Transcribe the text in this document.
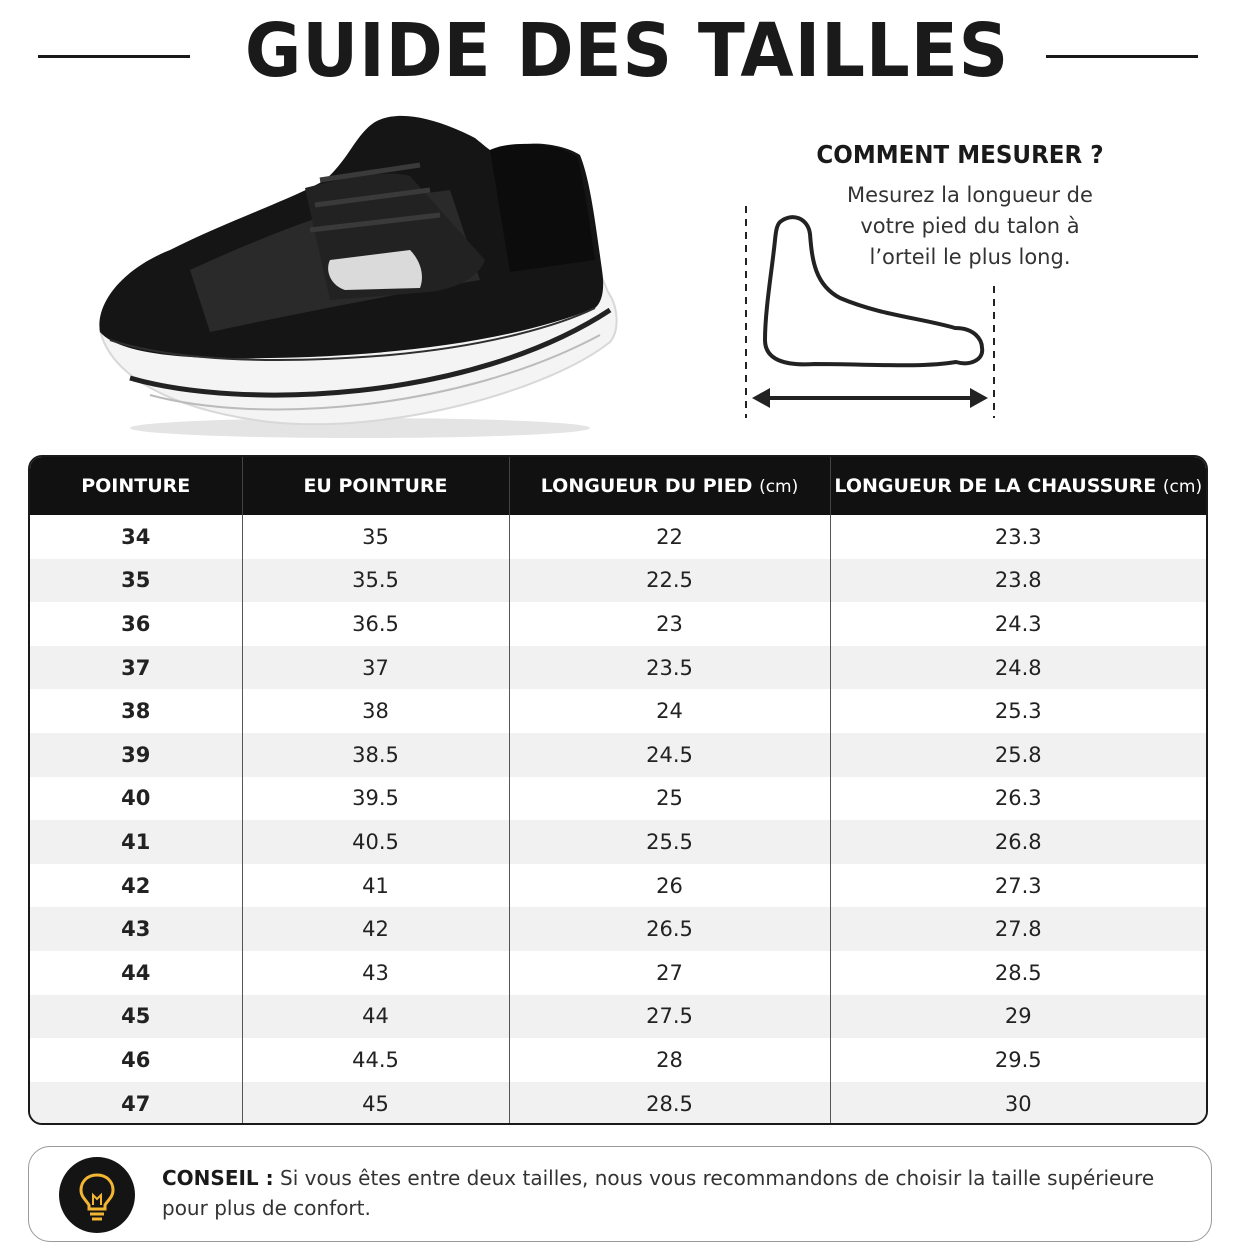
GUIDE DES TAILLES
COMMENT MESURER ?
Mesurez la longueur de
votre pied du talon à
l’orteil le plus long.
POINTURE	EU POINTURE	LONGUEUR DU PIED (cm)	LONGUEUR DE LA CHAUSSURE (cm)
34	35	22	23.3
35	35.5	22.5	23.8
36	36.5	23	24.3
37	37	23.5	24.8
38	38	24	25.3
39	38.5	24.5	25.8
40	39.5	25	26.3
41	40.5	25.5	26.8
42	41	26	27.3
43	42	26.5	27.8
44	43	27	28.5
45	44	27.5	29
46	44.5	28	29.5
47	45	28.5	30
CONSEIL : Si vous êtes entre deux tailles, nous vous recommandons de choisir la taille supérieure pour plus de confort.
